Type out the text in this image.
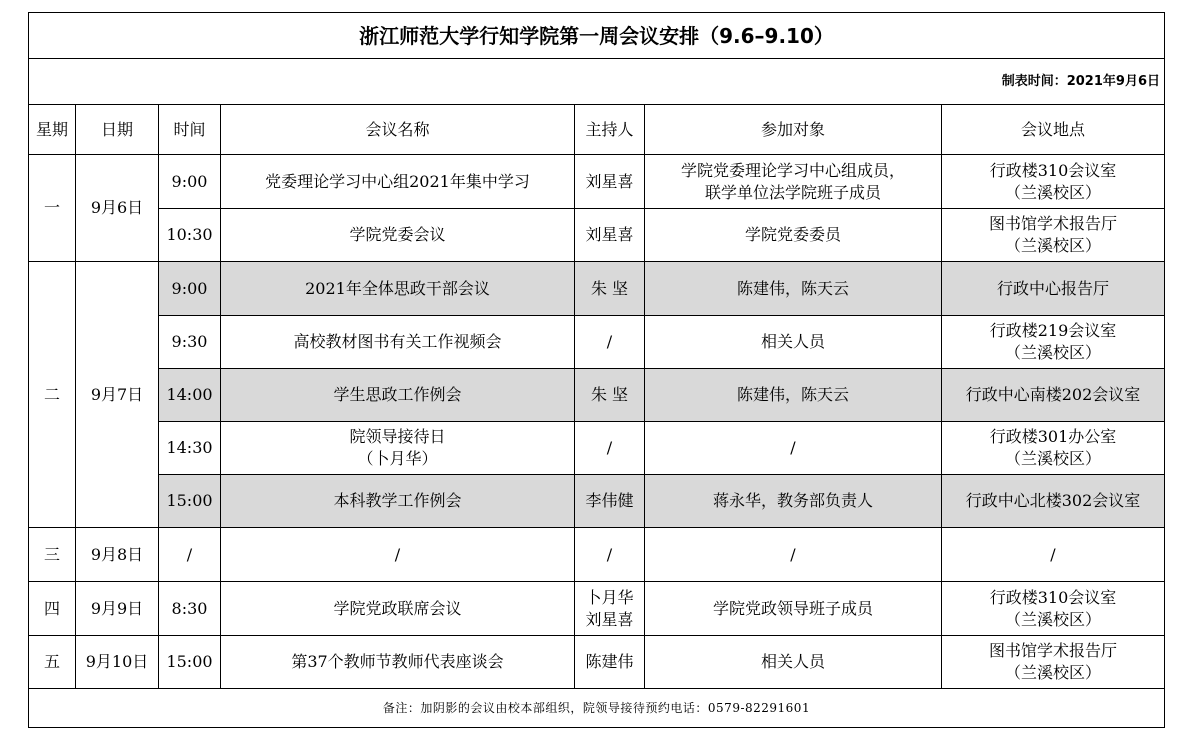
浙江师范大学行知学院第一周会议安排（9.6–9.10）						
制表时间：2021年9月6日						
星期	日期	时间	会议名称	主持人	参加对象	会议地点
一	9月6日	9:00	党委理论学习中心组2021年集中学习	刘星喜	学院党委理论学习中心组成员，
联学单位法学院班子成员	行政楼310会议室
（兰溪校区）
		10:30	学院党委会议	刘星喜	学院党委委员	图书馆学术报告厅
（兰溪校区）
二	9月7日	9:00	2021年全体思政干部会议	朱 坚	陈建伟，陈天云	行政中心报告厅
		9:30	高校教材图书有关工作视频会	/	相关人员	行政楼219会议室
（兰溪校区）
		14:00	学生思政工作例会	朱 坚	陈建伟，陈天云	行政中心南楼202会议室
		14:30	院领导接待日
（卜月华）	/	/	行政楼301办公室
（兰溪校区）
		15:00	本科教学工作例会	李伟健	蒋永华，教务部负责人	行政中心北楼302会议室
三	9月8日	/	/	/	/	/
四	9月9日	8:30	学院党政联席会议	卜月华
刘星喜	学院党政领导班子成员	行政楼310会议室
（兰溪校区）
五	9月10日	15:00	第37个教师节教师代表座谈会	陈建伟	相关人员	图书馆学术报告厅
（兰溪校区）
备注：加阴影的会议由校本部组织，院领导接待预约电话：0579-82291601						
